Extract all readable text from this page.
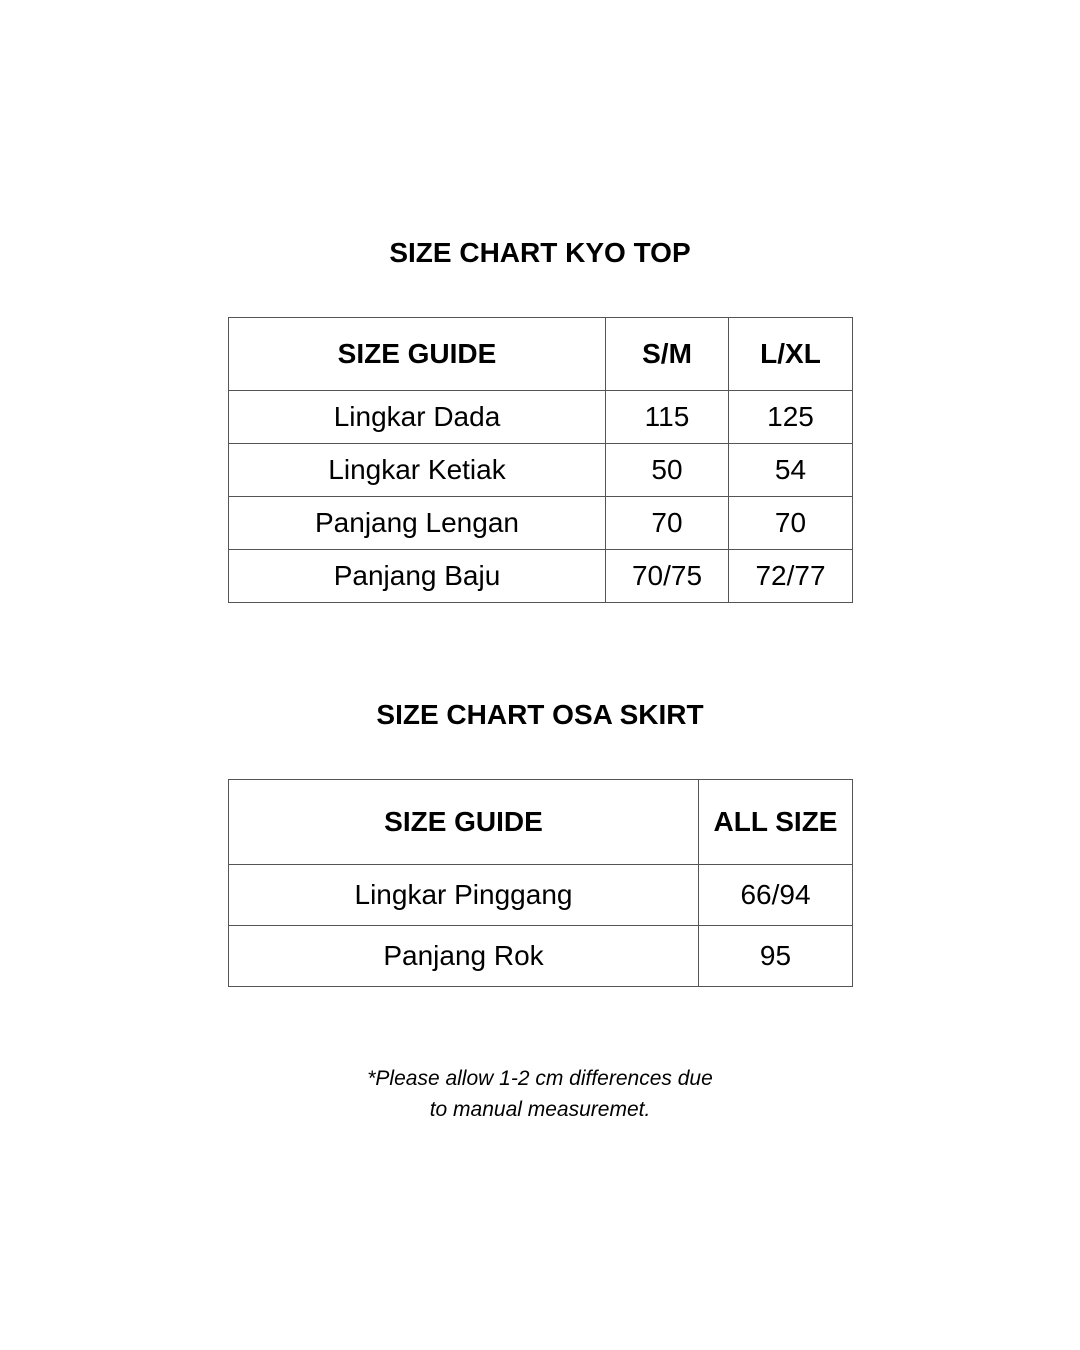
SIZE CHART KYO TOP
SIZE GUIDE	S/M	L/XL
Lingkar Dada	115	125
Lingkar Ketiak	50	54
Panjang Lengan	70	70
Panjang Baju	70/75	72/77
SIZE CHART OSA SKIRT
SIZE GUIDE	ALL SIZE
Lingkar Pinggang	66/94
Panjang Rok	95
*Please allow 1-2 cm differences due
to manual measuremet.
